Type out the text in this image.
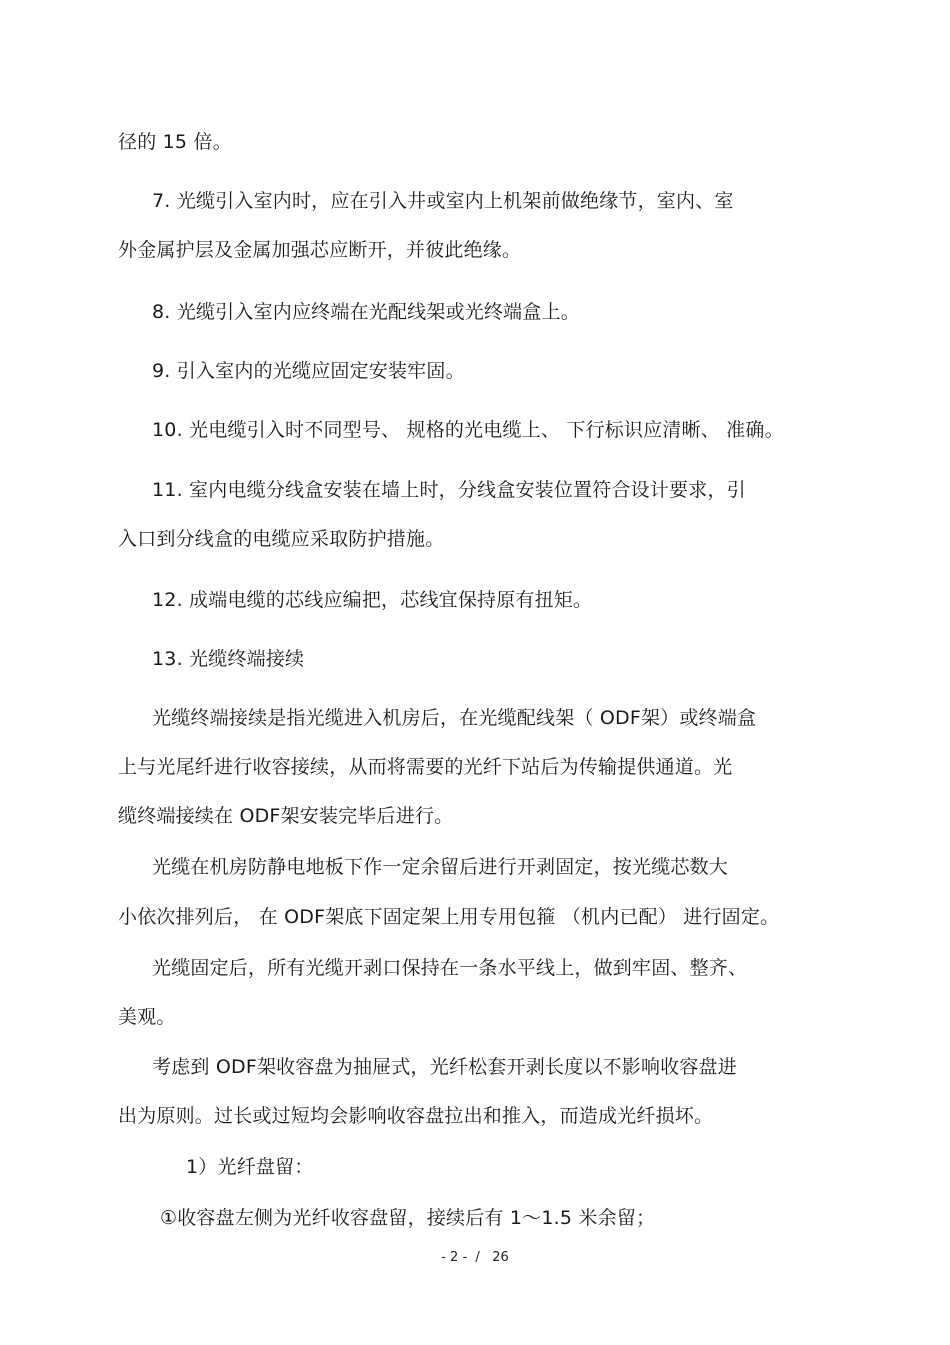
径的 15 倍。
7. 光缆引入室内时，应在引入井或室内上机架前做绝缘节，室内、室
外金属护层及金属加强芯应断开，并彼此绝缘。
8. 光缆引入室内应终端在光配线架或光终端盒上。
9. 引入室内的光缆应固定安装牢固。
10. 光电缆引入时不同型号、 规格的光电缆上、 下行标识应清晰、 准确。
11. 室内电缆分线盒安装在墙上时，分线盒安装位置符合设计要求，引
入口到分线盒的电缆应采取防护措施。
12. 成端电缆的芯线应编把，芯线宜保持原有扭矩。
13. 光缆终端接续
光缆终端接续是指光缆进入机房后，在光缆配线架（ ODF架）或终端盒
上与光尾纤进行收容接续，从而将需要的光纤下站后为传输提供通道。光
缆终端接续在 ODF架安装完毕后进行。
光缆在机房防静电地板下作一定余留后进行开剥固定，按光缆芯数大
小依次排列后， 在 ODF架底下固定架上用专用包箍 （机内已配） 进行固定。
光缆固定后，所有光缆开剥口保持在一条水平线上，做到牢固、整齐、
美观。
考虑到 ODF架收容盘为抽屉式，光纤松套开剥长度以不影响收容盘进
出为原则。过长或过短均会影响收容盘拉出和推入，而造成光纤损坏。
1）光纤盘留：
①收容盘左侧为光纤收容盘留，接续后有 1～1.5 米余留；
- 2 -  /   26
